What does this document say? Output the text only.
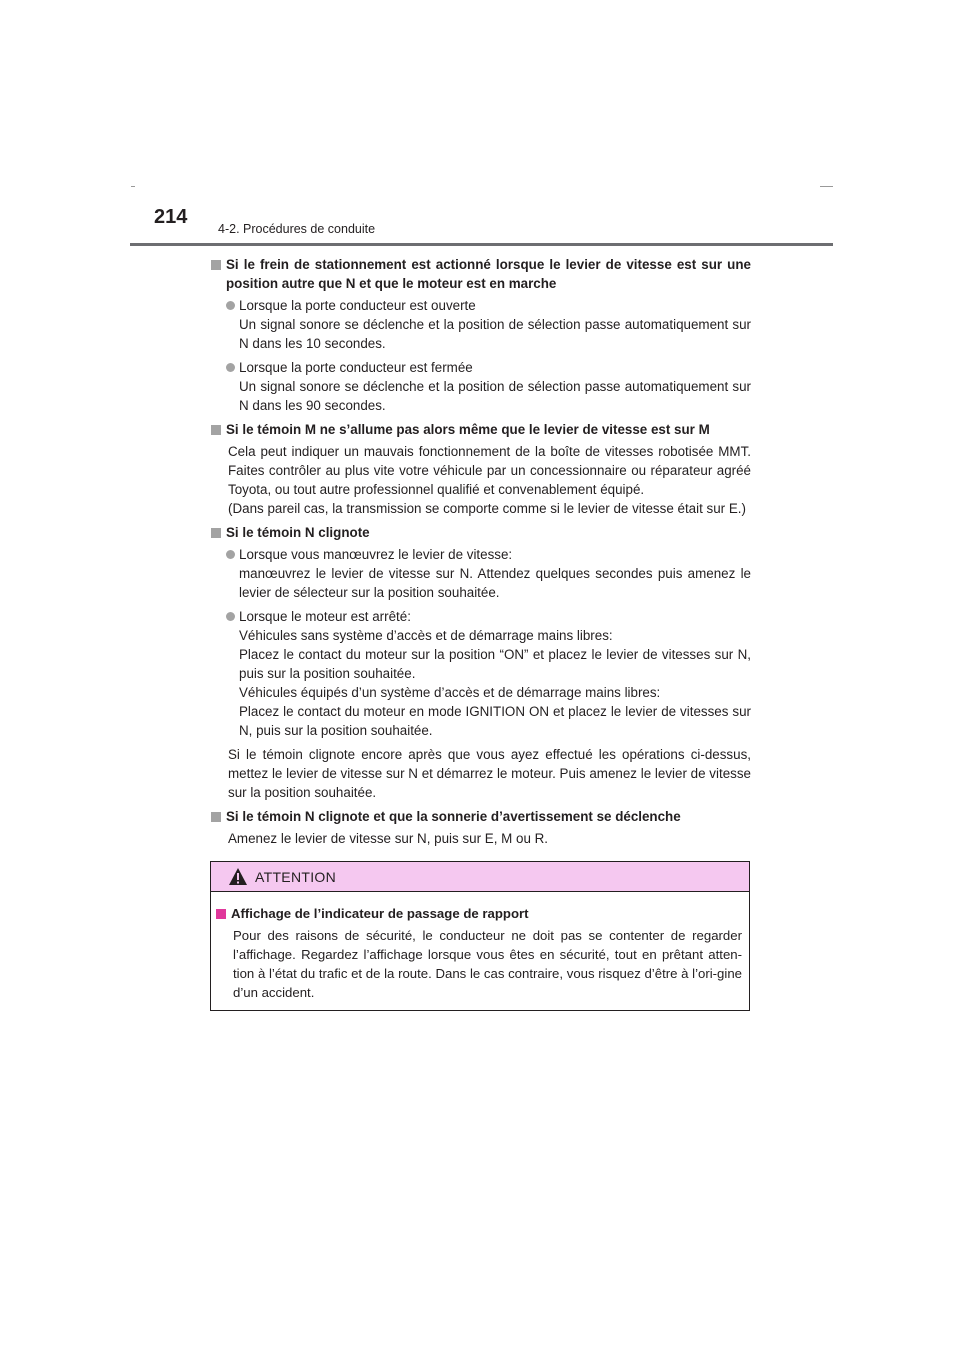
214
4-2. Procédures de conduite
Si le frein de stationnement est actionné lorsque le levier de vitesse est sur une position autre que N et que le moteur est en marche
Lorsque la porte conducteur est ouverte
Un signal sonore se déclenche et la position de sélection passe automatiquement sur N dans les 10 secondes.
Lorsque la porte conducteur est fermée
Un signal sonore se déclenche et la position de sélection passe automatiquement sur N dans les 90 secondes.
Si le témoin M ne s’allume pas alors même que le levier de vitesse est sur M
Cela peut indiquer un mauvais fonctionnement de la boîte de vitesses robotisée MMT. Faites contrôler au plus vite votre véhicule par un concessionnaire ou réparateur agréé Toyota, ou tout autre professionnel qualifié et convenablement équipé.
(Dans pareil cas, la transmission se comporte comme si le levier de vitesse était sur E.)
Si le témoin N clignote
Lorsque vous manœuvrez le levier de vitesse:
manœuvrez le levier de vitesse sur N. Attendez quelques secondes puis amenez le levier de sélecteur sur la position souhaitée.
Lorsque le moteur est arrêté:
Véhicules sans système d’accès et de démarrage mains libres:
Placez le contact du moteur sur la position “ON” et placez le levier de vitesses sur N, puis sur la position souhaitée.
Véhicules équipés d’un système d’accès et de démarrage mains libres:
Placez le contact du moteur en mode IGNITION ON et placez le levier de vitesses sur N, puis sur la position souhaitée.
Si le témoin clignote encore après que vous ayez effectué les opérations ci-dessus, mettez le levier de vitesse sur N et démarrez le moteur. Puis amenez le levier de vitesse sur la position souhaitée.
Si le témoin N clignote et que la sonnerie d’avertissement se déclenche
Amenez le levier de vitesse sur N, puis sur E, M ou R.
ATTENTION
Affichage de l’indicateur de passage de rapport
Pour des raisons de sécurité, le conducteur ne doit pas se contenter de regarder l’affichage. Regardez l’affichage lorsque vous êtes en sécurité, tout en prêtant atten-tion à l’état du trafic et de la route. Dans le cas contraire, vous risquez d’être à l’ori-gine d’un accident.
